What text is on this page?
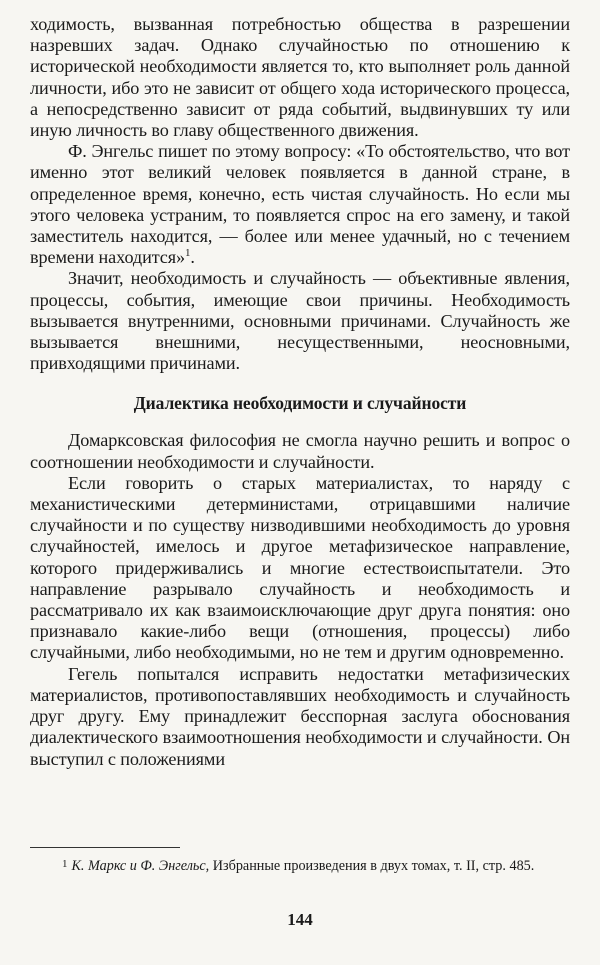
ходимость, вызванная потребностью общества в разрешении назревших задач. Однако случайностью по отношению к исторической необходимости является то, кто выполняет роль данной личности, ибо это не зависит от общего хода исторического процесса, а непосредственно зависит от ряда событий, выдвинувших ту или иную личность во главу общественного движения.

Ф. Энгельс пишет по этому вопросу: «То обстоятельство, что вот именно этот великий человек появляется в данной стране, в определенное время, конечно, есть чистая случайность. Но если мы этого человека устраним, то появляется спрос на его замену, и такой заместитель находится, — более или менее удачный, но с течением времени находится»$^1$.

Значит, необходимость и случайность — объективные явления, процессы, события, имеющие свои причины. Необходимость вызывается внутренними, основными причинами. Случайность же вызывается внешними, несущественными, неосновными, привходящими причинами.

Диалектика необходимости и случайности

Домарксовская философия не смогла научно решить и вопрос о соотношении необходимости и случайности.

Если говорить о старых материалистах, то наряду с механистическими детерминистами, отрицавшими наличие случайности и по существу низводившими необходимость до уровня случайностей, имелось и другое метафизическое направление, которого придерживались и многие естествоиспытатели. Это направление разрывало случайность и необходимость и рассматривало их как взаимоисключающие друг друга понятия: оно признавало какие-либо вещи (отношения, процессы) либо случайными, либо необходимыми, но не тем и другим одновременно.

Гегель попытался исправить недостатки метафизических материалистов, противопоставлявших необходимость и случайность друг другу. Ему принадлежит бесспорная заслуга обоснования диалектического взаимоотношения необходимости и случайности. Он выступил с положениями

$^1$ К. Маркс и Ф. Энгельс, Избранные произведения в двух томах, т. II, стр. 485.
144
